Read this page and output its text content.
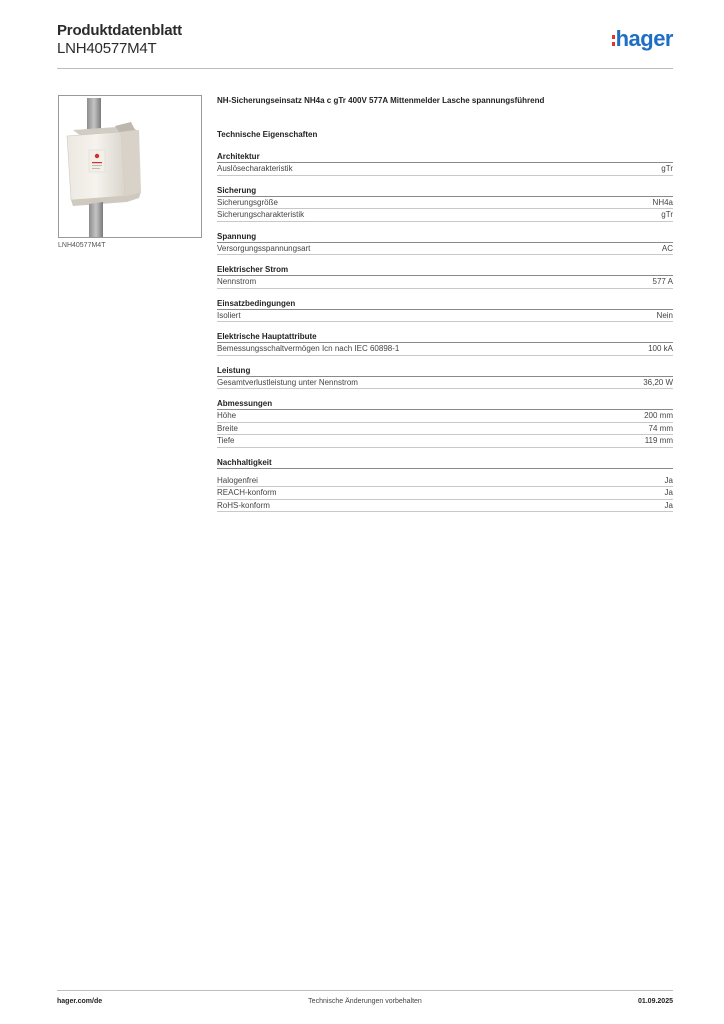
Produktdatenblatt
LNH40577M4T	hager
LNH40577M4T
NH-Sicherungseinsatz NH4a c gTr 400V 577A Mittenmelder Lasche spannungsführend
Technische Eigenschaften
Architektur
Auslösecharakteristik	gTr
Sicherung
Sicherungsgröße	NH4a
Sicherungscharakteristik	gTr
Spannung
Versorgungsspannungsart	AC
Elektrischer Strom
Nennstrom	577 A
Einsatzbedingungen
Isoliert	Nein
Elektrische Hauptattribute
Bemessungsschaltvermögen Icn nach IEC 60898-1	100 kA
Leistung
Gesamtverlustleistung unter Nennstrom	36,20 W
Abmessungen
Höhe	200 mm
Breite	74 mm
Tiefe	119 mm
Nachhaltigkeit
Halogenfrei	Ja
REACH-konform	Ja
RoHS-konform	Ja
hager.com/de	Technische Änderungen vorbehalten	01.09.2025
